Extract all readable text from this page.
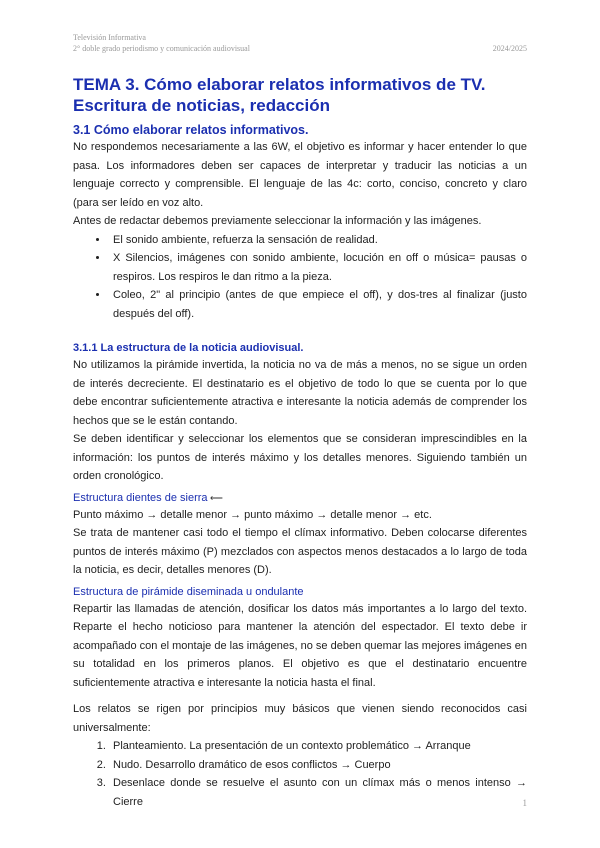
Televisión Informativa
2° doble grado periodismo y comunicación audiovisual	2024/2025
TEMA 3. Cómo elaborar relatos informativos de TV. Escritura de noticias, redacción
3.1 Cómo elaborar relatos informativos.

No respondemos necesariamente a las 6W, el objetivo es informar y hacer entender lo que pasa. Los informadores deben ser capaces de interpretar y traducir las noticias a un lenguaje correcto y comprensible. El lenguaje de las 4c: corto, conciso, concreto y claro (para ser leído en voz alto.

Antes de redactar debemos previamente seleccionar la información y las imágenes.

• El sonido ambiente, refuerza la sensación de realidad.
• X Silencios, imágenes con sonido ambiente, locución en off o música= pausas o respiros. Los respiros le dan ritmo a la pieza.
• Coleo, 2" al principio (antes de que empiece el off), y dos-tres al finalizar (justo después del off).
3.1.1 La estructura de la noticia audiovisual.

No utilizamos la pirámide invertida, la noticia no va de más a menos, no se sigue un orden de interés decreciente. El destinatario es el objetivo de todo lo que se cuenta por lo que debe encontrar suficientemente atractiva e interesante la noticia además de comprender los hechos que se le están contando.

Se deben identificar y seleccionar los elementos que se consideran imprescindibles en la información: los puntos de interés máximo y los detalles menores. Siguiendo también un orden cronológico.

Estructura dientes de sierra ⟵

Punto máximo → detalle menor → punto máximo → detalle menor → etc.

Se trata de mantener casi todo el tiempo el clímax informativo. Deben colocarse diferentes puntos de interés máximo (P) mezclados con aspectos menos destacados a lo largo de toda la noticia, es decir, detalles menores (D).

Estructura de pirámide diseminada u ondulante

Repartir las llamadas de atención, dosificar los datos más importantes a lo largo del texto. Reparte el hecho noticioso para mantener la atención del espectador. El texto debe ir acompañado con el montaje de las imágenes, no se deben quemar las mejores imágenes en su totalidad en los primeros planos. El objetivo es que el destinatario encuentre suficientemente atractiva e interesante la noticia hasta el final.

Los relatos se rigen por principios muy básicos que vienen siendo reconocidos casi universalmente:

1. Planteamiento. La presentación de un contexto problemático → Arranque
2. Nudo. Desarrollo dramático de esos conflictos → Cuerpo
3. Desenlace donde se resuelve el asunto con un clímax más o menos intenso → Cierre	1
